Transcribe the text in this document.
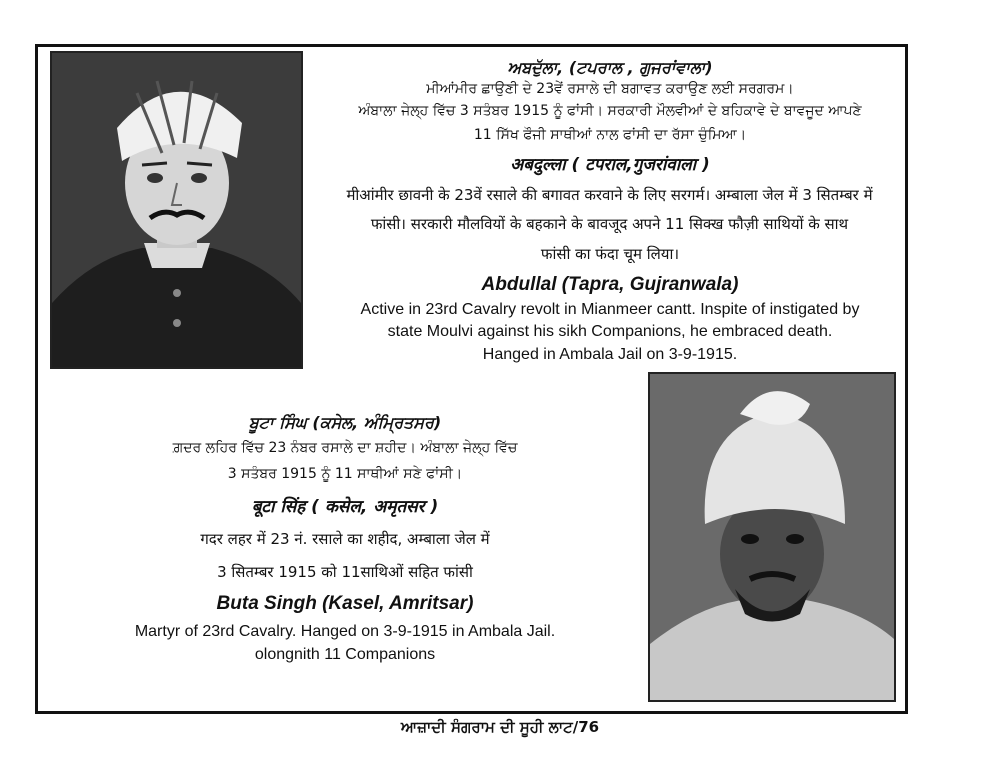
ਅਬਦੁੱਲਾ, (ਟਪਰਾਲ , ਗੁਜਰਾਂਵਾਲਾ)
ਮੀਆਂਮੀਰ ਛਾਉਣੀ ਦੇ 23ਵੇਂ ਰਸਾਲੇ ਦੀ ਬਗਾਵਤ ਕਰਾਉਣ ਲਈ ਸਰਗਰਮ।
ਅੰਬਾਲਾ ਜੇਲ੍ਹ ਵਿੱਚ 3 ਸਤੰਬਰ 1915 ਨੂੰ ਫਾਂਸੀ। ਸਰਕਾਰੀ ਮੌਲਵੀਆਂ ਦੇ ਬਹਿਕਾਵੇ ਦੇ ਬਾਵਜੂਦ ਆਪਣੇ
11 ਸਿੱਖ ਫੌਜੀ ਸਾਥੀਆਂ ਨਾਲ ਫਾਂਸੀ ਦਾ ਰੱਸਾ ਚੁੰਮਿਆ।
अबदुल्ला ( टपराल,गुजरांवाला )
मीआंमीर छावनी के 23वें रसाले की बगावत करवाने के लिए सरगर्म। अम्बाला जेल में 3 सितम्बर में
फांसी। सरकारी मौलवियों के बहकाने के बावजूद अपने 11 सिक्ख फौज़ी साथियों के साथ
फांसी का फंदा चूम लिया।
Abdullal (Tapra, Gujranwala)
Active in 23rd Cavalry revolt in Mianmeer cantt. Inspite of instigated by
state Moulvi against his sikh Companions, he embraced death.
Hanged in Ambala Jail on 3-9-1915.
ਬੂਟਾ ਸਿੰਘ (ਕਸੇਲ, ਅੰਮ੍ਰਿਤਸਰ)
ਗ਼ਦਰ ਲਹਿਰ ਵਿੱਚ 23 ਨੰਬਰ ਰਸਾਲੇ ਦਾ ਸ਼ਹੀਦ। ਅੰਬਾਲਾ ਜੇਲ੍ਹ ਵਿੱਚ
3 ਸਤੰਬਰ 1915 ਨੂੰ 11 ਸਾਥੀਆਂ ਸਣੇ ਫਾਂਸੀ।
बूटा सिंह ( कसेल, अमृतसर )
गदर लहर में 23 नं. रसाले का शहीद, अम्बाला जेल में
3 सितम्बर 1915 को 11साथिओं सहित फांसी
Buta Singh (Kasel, Amritsar)
Martyr of 23rd Cavalry. Hanged on 3-9-1915 in Ambala Jail.
olongnith 11 Companions
ਆਜ਼ਾਦੀ ਸੰਗਰਾਮ ਦੀ ਸੂਹੀ ਲਾਟ/76
